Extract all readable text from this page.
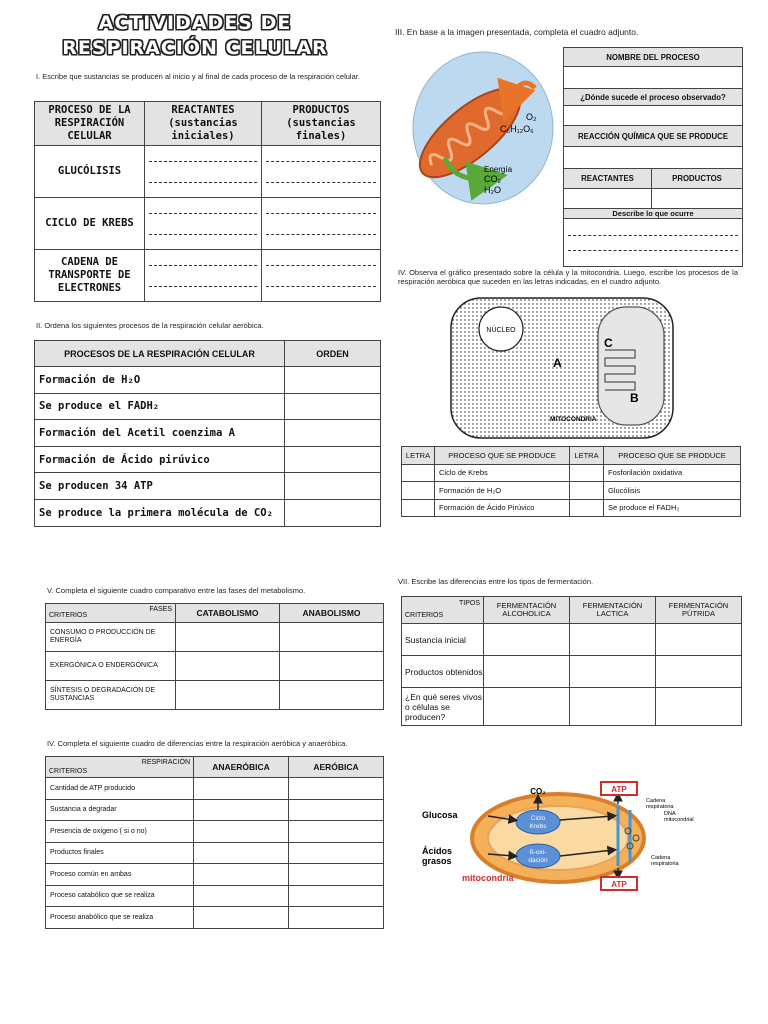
ACTIVIDADES DE
RESPIRACIÓN CELULAR
I. Escribe que sustancias se producen al inicio y al final de cada proceso de la respiración celular.
PROCESO DE LA RESPIRACIÓN CELULAR	REACTANTES (sustancias iniciales)	PRODUCTOS (sustancias finales)
GLUCÓLISIS	

CICLO DE KREBS	

CADENA DE TRANSPORTE DE ELECTRONES	

II. Ordena los siguientes procesos de la respiración celular aeróbica.
PROCESOS DE LA RESPIRACIÓN CELULAR	ORDEN
Formación de H₂O	
Se produce el FADH₂	
Formación del Acetil coenzima A	
Formación de Ácido pirúvico	
Se producen 34 ATP	
Se produce la primera molécula de CO₂	
III. En base a la imagen presentada, completa el cuadro adjunto.
O₂
C₆H₁₂O₆
Energía
CO₂
H₂O
NOMBRE DEL PROCESO	

¿Dónde sucede el proceso observado?	

REACCIÓN QUÍMICA QUE SE PRODUCE	

REACTANTES	PRODUCTOS

Describe lo que ocurre	

IV. Observa el gráfico presentado sobre la célula y la mitocondria. Luego, escribe los procesos de la respiración aeróbica que suceden en las letras indicadas, en el cuadro adjunto.
NÚCLEO
A
B
C
MITOCONDRIA
LETRA	PROCESO QUE SE PRODUCE	LETRA	PROCESO QUE SE PRODUCE
	Ciclo de Krebs		Fosforilación oxidativa
	Formación de H₂O		Glucólisis
	Formación de Ácido Pirúvico		Se produce el FADH₂
V. Completa el siguiente cuadro comparativo entre las fases del metabolismo.
FASES
CRITERIOS	CATABOLISMO	ANABOLISMO
CONSUMO O PRODUCCIÓN DE ENERGÍA		
EXERGÓNICA O ENDERGÓNICA		
SÍNTESIS O DEGRADACIÓN DE SUSTANCIAS		
IV. Completa el siguiente cuadro de diferencias entre la respiración aeróbica y anaeróbica.
RESPIRACIÓN
CRITERIOS	ANAERÓBICA	AERÓBICA
Cantidad de ATP producido		
Sustancia a degradar		
Presencia de oxígeno ( si o no)		
Productos finales		
Proceso común en ambas		
Proceso catabólico que se realiza		
Proceso anabólico que se realiza		
VII. Escribe las diferencias entre los tipos de fermentación.
TIPOS
CRITERIOS	FERMENTACIÓN ALCOHOLICA	FERMENTACIÓN LACTICA	FERMENTACIÓN PÚTRIDA
Sustancia inicial			
Productos obtenidos			
¿En qué seres vivos o células se producen?			
Ciclo
Krebs
ß-oxi-
dación
CO₂	ATP
ATP
Glucosa
Ácidos
grasos
Cadena
respiratoria
DNA
mitocondrial
Cadena
respiratoria
mitocondria
